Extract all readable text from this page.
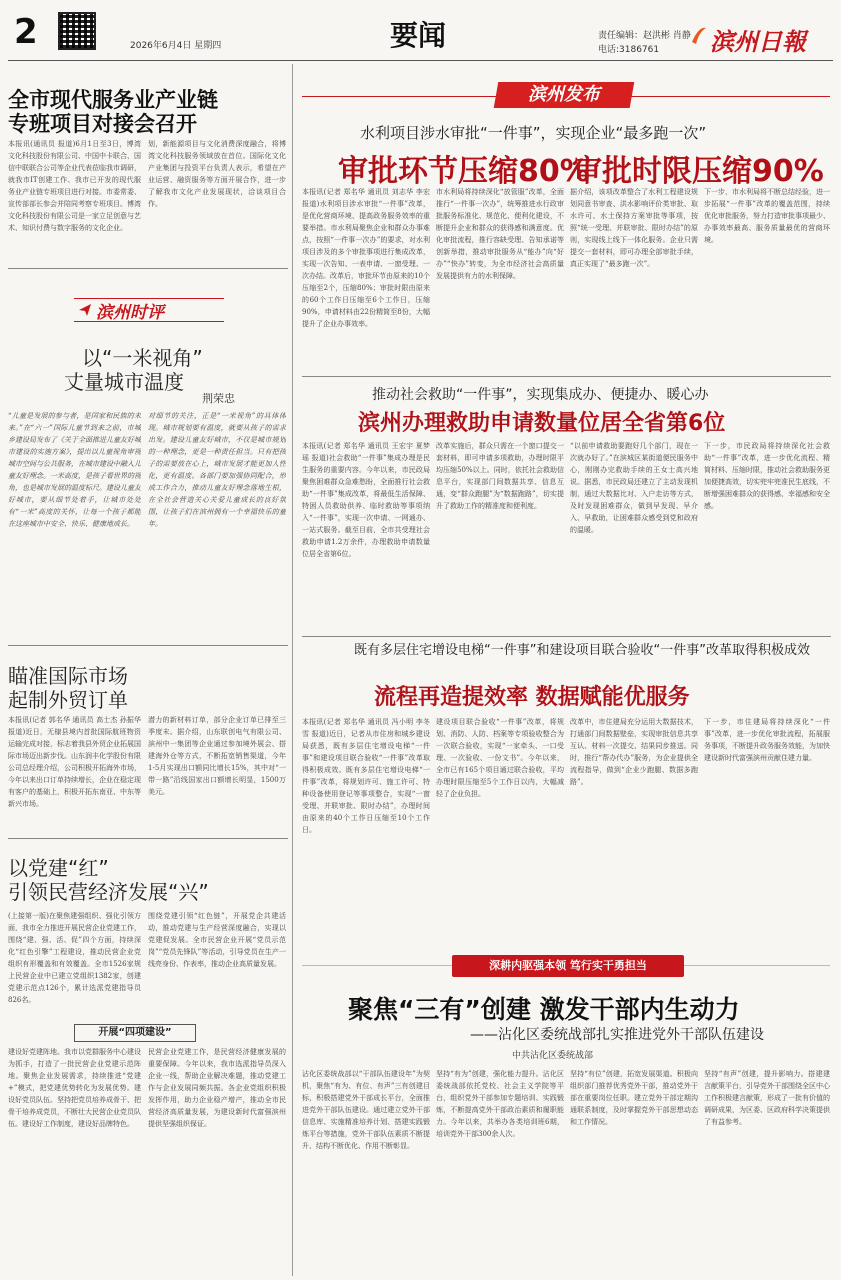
2	2026年6月4日 星期四	要闻	责任编辑：赵洪彬 肖静
电话:3186761 滨州日報
全市现代服务业产业链
专班项目对接会召开
本报讯(通讯员 报道)6月1日至3日，博湾文化科技股份有限公司、中国中卡联合、国信中联联合公司等企业代表莅临我市调研，就我市IT创建工作、我市已开发的现代服务业产业链专班项目进行对接。市委常委、宣传部部长参会并陪同考察专班项目。博湾文化科技股份有限公司是一家立足创意与艺术、知识付费与数字服务的文化企业。
划，新能源项目与文化消费深度融合，将博湾文化科技服务领域放在首位。国际化文化产业集团与投资平台负责人表示，希望在产业运营、融资服务等方面开展合作，进一步了解我市文化产业发展现状，洽谈项目合作。
滨州时评
以“一米视角”
丈量城市温度
荆荣忠
“儿童是发展的参与者，是国家和民族的未来。”在“六一”国际儿童节到来之前，市城乡建设局发布了《关于全面推进儿童友好城市建设的实施方案》，提出以儿童视角审视城市空间与公共服务，在城市建设中融入儿童友好理念。一米高度，是孩子看世界的视角，也是城市发展的温度标尺。建设儿童友好城市，要从细节处着手，让城市处处有“一米”高度的关怀，让每一个孩子都能在这座城市中安全、快乐、健康地成长。
对细节的关注，正是“一米视角”的具体体现。城市规划要有温度，就要从孩子的需求出发。建设儿童友好城市，不仅是城市规划的一种理念，更是一种责任担当。只有把孩子的需要放在心上，城市发展才能更加人性化，更有温度。各部门要加强协同配合，形成工作合力，推动儿童友好理念落地生根，在全社会营造关心关爱儿童成长的良好氛围，让孩子们在滨州拥有一个幸福快乐的童年。
瞄准国际市场
起制外贸订单
本报讯(记者 郭名华 通讯员 高士杰 孙振华 报道)近日，无棣县境内首批国际航班物资运输完成对接，标志着我县外贸企业拓展国际市场迈出新步伐。山东润丰化学股份有限公司总经理介绍，公司积极开拓海外市场，今年以来出口订单持续增长，企业在稳定现有客户的基础上，积极开拓东南亚、中东等新兴市场。
潜力的新材料订单，部分企业订单已排至三季度末。据介绍，山东联创电气有限公司、滨州中一集团等企业通过参加境外展会、搭建海外仓等方式，不断拓宽销售渠道，今年1-5月实现出口额同比增长15%，其中对“一带一路”沿线国家出口额增长明显，1500万美元。
以党建“红”
引领民营经济发展“兴”
(上接第一版)在聚焦建强组织、强化引领方面，我市全力推进开展民营企业党建工作，围绕“建、强、活、促”四个方面，持续深化“红色引擎”工程建设，推动民营企业党组织有形覆盖和有效覆盖。全市1526家规上民营企业中已建立党组织1382家，创建党建示范点126个，累计选派党建指导员826名。
围绕党建引领“红色链”，开展党企共建活动，推动党建与生产经营深度融合，实现以党建促发展。全市民营企业开展“党员示范岗”“党员先锋队”等活动，引导党员在生产一线亮身份、作表率，推动企业高质量发展。
开展“四项建设”
建设好党建阵地。我市以党群服务中心建设为抓手，打造了一批民营企业党建示范阵地。聚焦企业发展需求，持续推进“党建+”模式，把党建优势转化为发展优势。建设好党员队伍。坚持把党员培养成骨干、把骨干培养成党员，不断壮大民营企业党员队伍。建设好工作制度，建设好品牌特色。
民营企业党建工作，是民营经济健康发展的重要保障。今年以来，我市选派指导员深入企业一线，帮助企业解决难题，推动党建工作与企业发展同频共振。各企业党组织积极发挥作用，助力企业稳产增产，推动全市民营经济高质量发展，为建设新时代富强滨州提供坚强组织保证。
滨州发布
水利项目涉水审批“一件事”，实现企业“最多跑一次”
审批环节压缩80%
审批时限压缩90%
本报讯(记者 郑名华 通讯员 刘志华 李宏 报道)水利项目涉水审批“一件事”改革，是优化营商环境、提高政务服务效率的重要举措。市水利局聚焦企业和群众办事难点，按照“一件事一次办”的要求，对水利项目涉及的多个审批事项进行集成改革，实现一次告知、一表申请、一窗受理、一次办结。改革后，审批环节由原来的10个压缩至2个，压缩80%；审批时限由原来的60个工作日压缩至6个工作日，压缩90%，申请材料由22份精简至8份，大幅提升了企业办事效率。
市水利局将持续深化“放管服”改革，全面推行“一件事一次办”，统筹推进水行政审批服务标准化、规范化、便利化建设，不断提升企业和群众的获得感和满意度。优化审批流程，推行容缺受理、告知承诺等创新举措，推动审批服务从“能办”向“好办”“快办”转变，为全市经济社会高质量发展提供有力的水利保障。
据介绍，该项改革整合了水利工程建设规划同意书审查、洪水影响评价类审批、取水许可、水土保持方案审批等事项，按照“统一受理、并联审批、限时办结”的原则，实现线上线下一体化服务。企业只需提交一套材料，即可办理全部审批手续，真正实现了“最多跑一次”。
下一步，市水利局将不断总结经验，进一步拓展“一件事”改革的覆盖范围，持续优化审批服务，努力打造审批事项最少、办事效率最高、服务质量最优的营商环境。
推动社会救助“一件事”，实现集成办、便捷办、暖心办
滨州办理救助申请数量位居全省第6位
本报讯(记者 郑名华 通讯员 王宏宇 夏梦瑶 报道)社会救助“一件事”集成办理是民生服务的重要内容。今年以来，市民政局聚焦困难群众急难愁盼，全面推行社会救助“一件事”集成改革，将最低生活保障、特困人员救助供养、临时救助等事项纳入“一件事”，实现一次申请、一网通办、一站式服务。截至目前，全市共受理社会救助申请1.2万余件，办理救助申请数量位居全省第6位。
改革实施后，群众只需在一个窗口提交一套材料，即可申请多项救助，办理时限平均压缩50%以上。同时，依托社会救助信息平台，实现部门间数据共享、信息互通，变“群众跑腿”为“数据跑路”，切实提升了救助工作的精准度和便利度。
“以前申请救助要跑好几个部门，现在一次就办好了。”在滨城区某街道便民服务中心，刚刚办完救助手续的王女士高兴地说。据悉，市民政局还建立了主动发现机制，通过大数据比对、入户走访等方式，及时发现困难群众，做到早发现、早介入、早救助，让困难群众感受到党和政府的温暖。
下一步，市民政局将持续深化社会救助“一件事”改革，进一步优化流程、精简材料、压缩时限，推动社会救助服务更加便捷高效，切实兜牢兜准民生底线，不断增强困难群众的获得感、幸福感和安全感。
既有多层住宅增设电梯“一件事”和建设项目联合验收“一件事”改革取得积极成效
流程再造提效率 数据赋能优服务
本报讯(记者 郑名华 通讯员 冯小明 李冬雪 报道)近日，记者从市住房和城乡建设局获悉，既有多层住宅增设电梯“一件事”和建设项目联合验收“一件事”改革取得积极成效。既有多层住宅增设电梯“一件事”改革，将规划许可、施工许可、特种设备使用登记等事项整合，实现“一窗受理、并联审批、限时办结”，办理时间由原来的40个工作日压缩至10个工作日。
建设项目联合验收“一件事”改革，将规划、消防、人防、档案等专项验收整合为一次联合验收，实现“一家牵头、一口受理、一次验收、一份文书”。今年以来，全市已有165个项目通过联合验收，平均办理时限压缩至5个工作日以内，大幅减轻了企业负担。
改革中，市住建局充分运用大数据技术，打通部门间数据壁垒，实现审批信息共享互认、材料一次提交、结果同步推送。同时，推行“帮办代办”服务，为企业提供全流程指导，做到“企业少跑腿、数据多跑路”。
下一步，市住建局将持续深化“一件事”改革，进一步优化审批流程，拓展服务事项，不断提升政务服务效能，为加快建设新时代富强滨州贡献住建力量。
深耕内驱强本领 笃行实干勇担当
聚焦“三有”创建 激发干部内生动力
——沾化区委统战部扎实推进党外干部队伍建设
中共沾化区委统战部
沾化区委统战部以“干部队伍建设年”为契机，聚焦“有为、有位、有声”三有创建目标，积极搭建党外干部成长平台，全面推进党外干部队伍建设。通过建立党外干部信息库、实施精准培养计划、搭建实践锻炼平台等措施，党外干部队伍素质不断提升、结构不断优化、作用不断彰显。
坚持“有为”创建，强化能力提升。沾化区委统战部依托党校、社会主义学院等平台，组织党外干部参加专题培训、实践锻炼，不断提高党外干部政治素质和履职能力。今年以来，共举办各类培训班6期，培训党外干部300余人次。
坚持“有位”创建，拓宽发展渠道。积极向组织部门推荐优秀党外干部，推动党外干部在重要岗位任职。建立党外干部定期沟通联系制度，及时掌握党外干部思想动态和工作情况。
坚持“有声”创建，提升影响力。搭建建言献策平台，引导党外干部围绕全区中心工作积极建言献策，形成了一批有价值的调研成果，为区委、区政府科学决策提供了有益参考。
